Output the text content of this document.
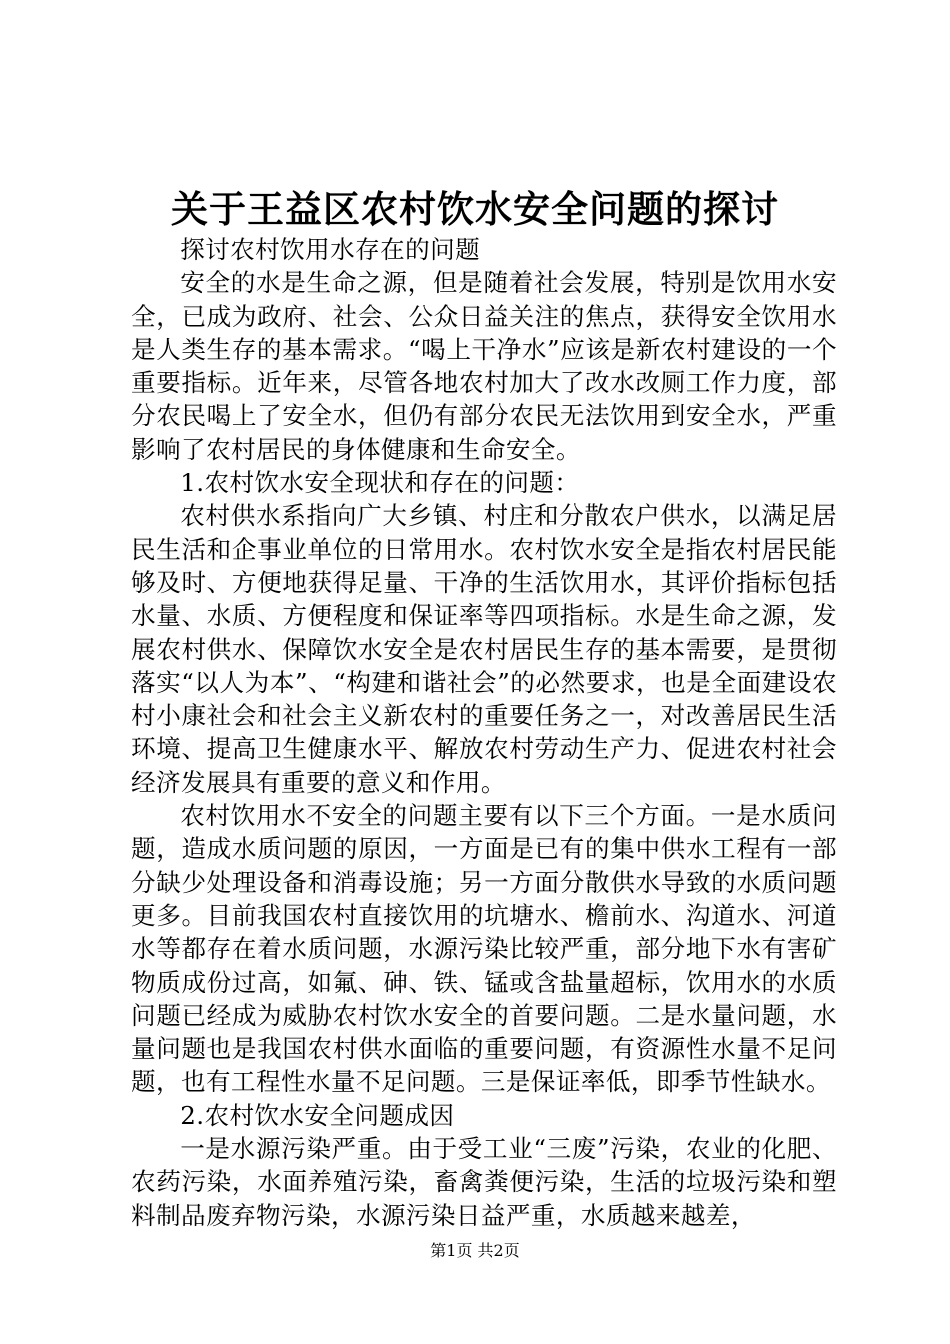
关于王益区农村饮水安全问题的探讨

探讨农村饮用水存在的问题

安全的水是生命之源，但是随着社会发展，特别是饮用水安全，已成为政府、社会、公众日益关注的焦点，获得安全饮用水是人类生存的基本需求。“喝上干净水”应该是新农村建设的一个重要指标。近年来，尽管各地农村加大了改水改厕工作力度，部分农民喝上了安全水，但仍有部分农民无法饮用到安全水，严重影响了农村居民的身体健康和生命安全。

1.农村饮水安全现状和存在的问题：

农村供水系指向广大乡镇、村庄和分散农户供水，以满足居民生活和企事业单位的日常用水。农村饮水安全是指农村居民能够及时、方便地获得足量、干净的生活饮用水，其评价指标包括水量、水质、方便程度和保证率等四项指标。水是生命之源，发展农村供水、保障饮水安全是农村居民生存的基本需要，是贯彻落实“以人为本”、“构建和谐社会”的必然要求，也是全面建设农村小康社会和社会主义新农村的重要任务之一，对改善居民生活环境、提高卫生健康水平、解放农村劳动生产力、促进农村社会经济发展具有重要的意义和作用。

农村饮用水不安全的问题主要有以下三个方面。一是水质问题，造成水质问题的原因，一方面是已有的集中供水工程有一部分缺少处理设备和消毒设施；另一方面分散供水导致的水质问题更多。目前我国农村直接饮用的坑塘水、檐前水、沟道水、河道水等都存在着水质问题，水源污染比较严重，部分地下水有害矿物质成份过高，如氟、砷、铁、锰或含盐量超标，饮用水的水质问题已经成为威胁农村饮水安全的首要问题。二是水量问题，水量问题也是我国农村供水面临的重要问题，有资源性水量不足问题，也有工程性水量不足问题。三是保证率低，即季节性缺水。

2.农村饮水安全问题成因

一是水源污染严重。由于受工业“三废”污染，农业的化肥、农药污染，水面养殖污染，畜禽粪便污染，生活的垃圾污染和塑料制品废弃物污染，水源污染日益严重，水质越来越差，

第1页 共2页
